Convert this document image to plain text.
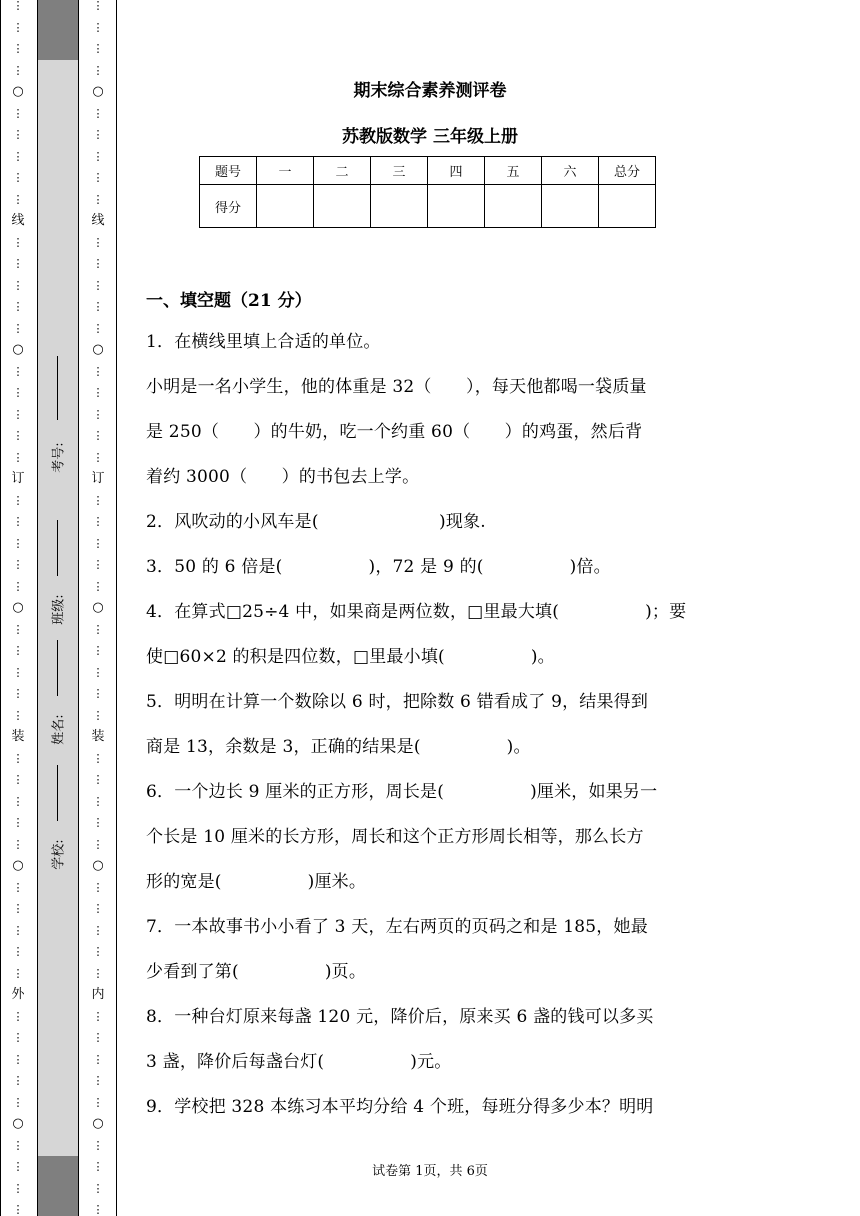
⋮
⋮
⋮
⋮
○
⋮
⋮
⋮
⋮
⋮
线
⋮
⋮
⋮
⋮
⋮
○
⋮
⋮
⋮
⋮
⋮
订
⋮
⋮
⋮
⋮
⋮
○
⋮
⋮
⋮
⋮
⋮
装
⋮
⋮
⋮
⋮
⋮
○
⋮
⋮
⋮
⋮
⋮
外
⋮
⋮
⋮
⋮
⋮
○
⋮
⋮
⋮
⋮
考号:
班级:
姓名:
学校:
⋮
⋮
⋮
⋮
○
⋮
⋮
⋮
⋮
⋮
线
⋮
⋮
⋮
⋮
⋮
○
⋮
⋮
⋮
⋮
⋮
订
⋮
⋮
⋮
⋮
⋮
○
⋮
⋮
⋮
⋮
⋮
装
⋮
⋮
⋮
⋮
⋮
○
⋮
⋮
⋮
⋮
⋮
内
⋮
⋮
⋮
⋮
⋮
○
⋮
⋮
⋮
⋮
期末综合素养测评卷
苏教版数学 三年级上册
题号	一	二	三	四	五	六	总分
得分							
一、填空题（21 分）
1．在横线里填上合适的单位。
小明是一名小学生，他的体重是 32（　　），每天他都喝一袋质量
是 250（　　）的牛奶，吃一个约重 60（　　）的鸡蛋，然后背
着约 3000（　　）的书包去上学。
2．风吹动的小风车是(　　　　　　　)现象.
3．50 的 6 倍是(　　　　　)，72 是 9 的(　　　　　)倍。
4．在算式□25÷4 中，如果商是两位数，□里最大填(　　　　　)；要
使□60×2 的积是四位数，□里最小填(　　　　　)。
5．明明在计算一个数除以 6 时，把除数 6 错看成了 9，结果得到
商是 13，余数是 3，正确的结果是(　　　　　)。
6．一个边长 9 厘米的正方形，周长是(　　　　　)厘米，如果另一
个长是 10 厘米的长方形，周长和这个正方形周长相等，那么长方
形的宽是(　　　　　)厘米。
7．一本故事书小小看了 3 天，左右两页的页码之和是 185，她最
少看到了第(　　　　　)页。
8．一种台灯原来每盏 120 元，降价后，原来买 6 盏的钱可以多买
3 盏，降价后每盏台灯(　　　　　)元。
9．学校把 328 本练习本平均分给 4 个班，每班分得多少本？明明
试卷第 1页，共 6页
